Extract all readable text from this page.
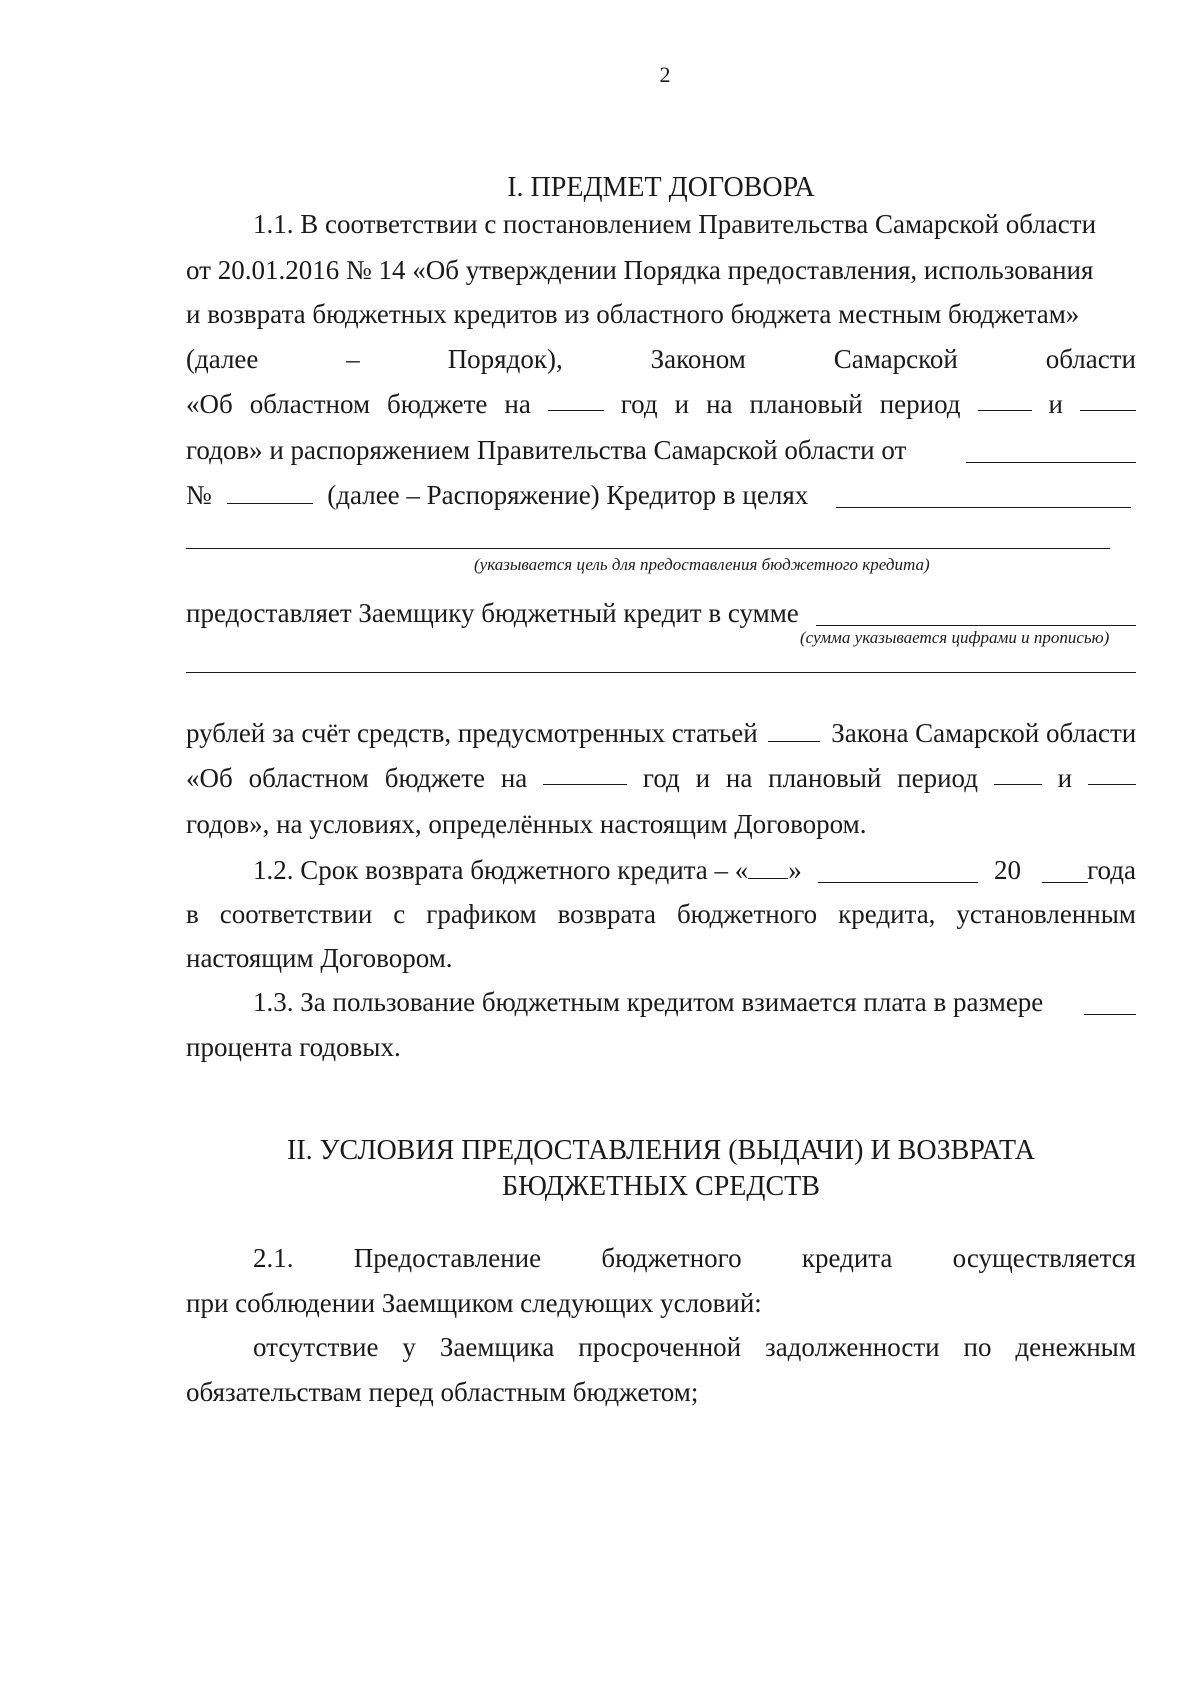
2
I. ПРЕДМЕТ ДОГОВОРА
1.1. В соответствии с постановлением Правительства Самарской области
от 20.01.2016 № 14 «Об утверждении Порядка предоставления, использования
и возврата бюджетных кредитов из областного бюджета местным бюджетам»
(далее	–	Порядок),	Законом	Самарской	области
«Об областном бюджете на	год и на плановый период	и
годов» и распоряжением Правительства Самарской области от
№	(далее – Распоряжение) Кредитор в целях
(указывается цель для предоставления бюджетного кредита)
предоставляет Заемщику бюджетный кредит в сумме
(сумма указывается цифрами и прописью)
рублей за счёт средств, предусмотренных статьей	Закона Самарской области
«Об областном бюджете на	год и на плановый период	и
годов», на условиях, определённых настоящим Договором.
1.2. Срок возврата бюджетного кредита – « »	20 года
в соответствии с графиком возврата бюджетного кредита, установленным
настоящим Договором.
1.3. За пользование бюджетным кредитом взимается плата в размере
процента годовых.
II. УСЛОВИЯ ПРЕДОСТАВЛЕНИЯ (ВЫДАЧИ) И ВОЗВРАТА
БЮДЖЕТНЫХ СРЕДСТВ
2.1. Предоставление бюджетного кредита осуществляется
при соблюдении Заемщиком следующих условий:
отсутствие у Заемщика просроченной задолженности по денежным
обязательствам перед областным бюджетом;
